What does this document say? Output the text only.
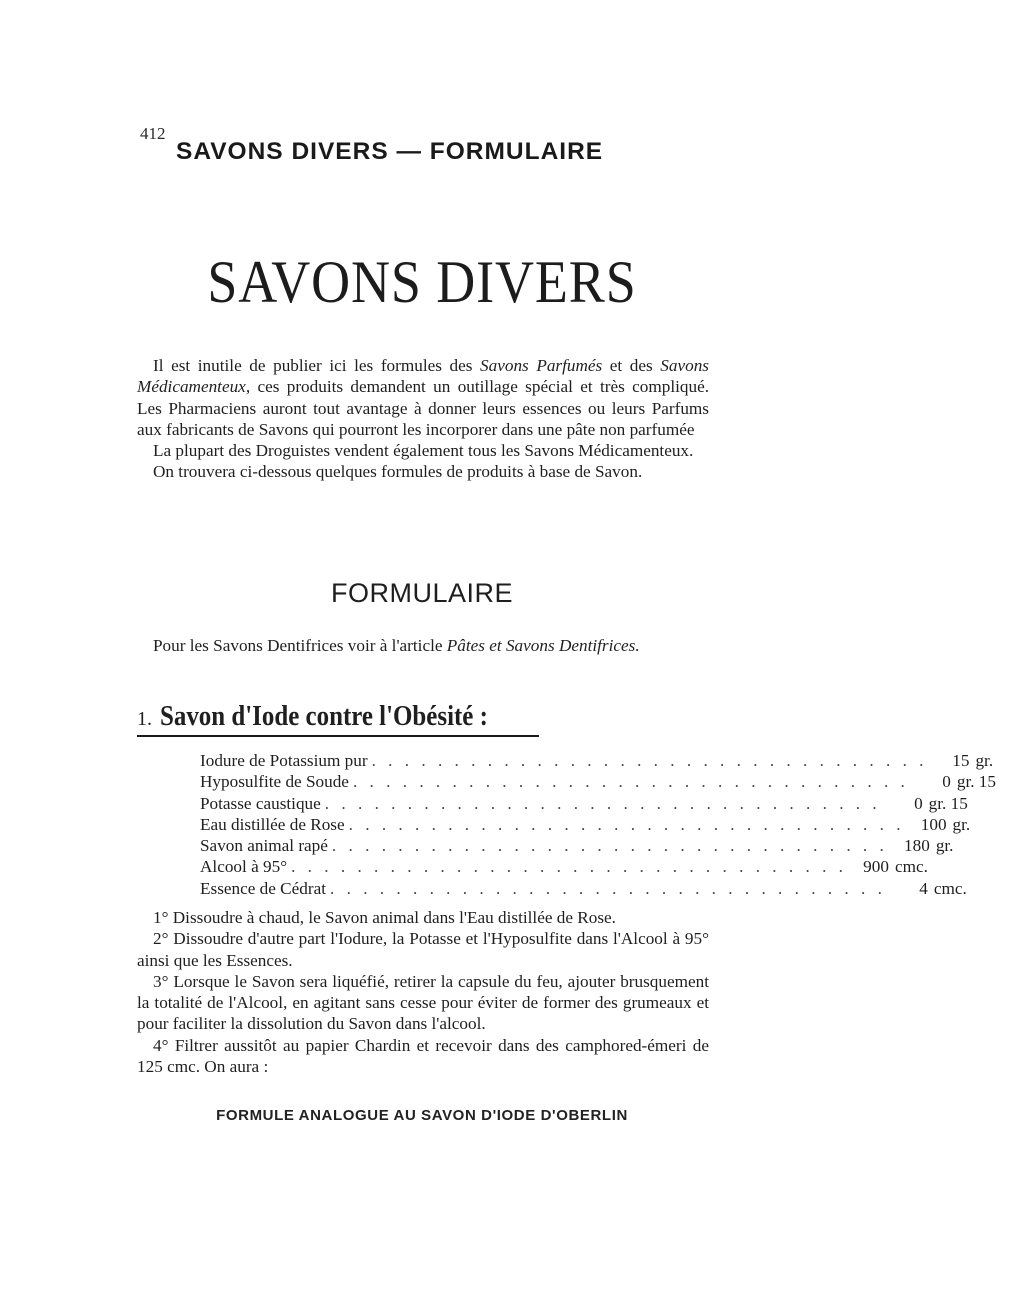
412
SAVONS DIVERS — FORMULAIRE
SAVONS DIVERS

Il est inutile de publier ici les formules des Savons Parfumés et des Savons Médicamenteux, ces produits demandent un outillage spécial et très compliqué. Les Pharmaciens auront tout avantage à donner leurs essences ou leurs Parfums aux fabricants de Savons qui pourront les incorporer dans une pâte non parfumée

La plupart des Droguistes vendent également tous les Savons Médicamenteux.

On trouvera ci-dessous quelques formules de produits à base de Savon.

FORMULAIRE

Pour les Savons Dentifrices voir à l'article Pâtes et Savons Dentifrices.

1. Savon d'Iode contre l'Obésité :
Iodure de Potassium pur . . . . . . . . . . . . . . . . . . . . . . . . . . . . . . . . . .	15 gr.
Hyposulfite de Soude . . . . . . . . . . . . . . . . . . . . . . . . . . . . . . . . . .	0 gr. 15
Potasse caustique . . . . . . . . . . . . . . . . . . . . . . . . . . . . . . . . . .	0 gr. 15
Eau distillée de Rose . . . . . . . . . . . . . . . . . . . . . . . . . . . . . . . . . . 100 gr.
Savon animal rapé . . . . . . . . . . . . . . . . . . . . . . . . . . . . . . . . . . 180 gr.
Alcool à 95° . . . . . . . . . . . . . . . . . . . . . . . . . . . . . . . . . . 900 cmc.
Essence de Cédrat . . . . . . . . . . . . . . . . . . . . . . . . . . . . . . . . . .	4 cmc.

1° Dissoudre à chaud, le Savon animal dans l'Eau distillée de Rose.

2° Dissoudre d'autre part l'Iodure, la Potasse et l'Hyposulfite dans l'Alcool à 95° ainsi que les Essences.

3° Lorsque le Savon sera liquéfié, retirer la capsule du feu, ajouter brusquement la totalité de l'Alcool, en agitant sans cesse pour éviter de former des grumeaux et pour faciliter la dissolution du Savon dans l'alcool.

4° Filtrer aussitôt au papier Chardin et recevoir dans des camphored-émeri de 125 cmc. On aura :

FORMULE ANALOGUE AU SAVON D'IODE D'OBERLIN
